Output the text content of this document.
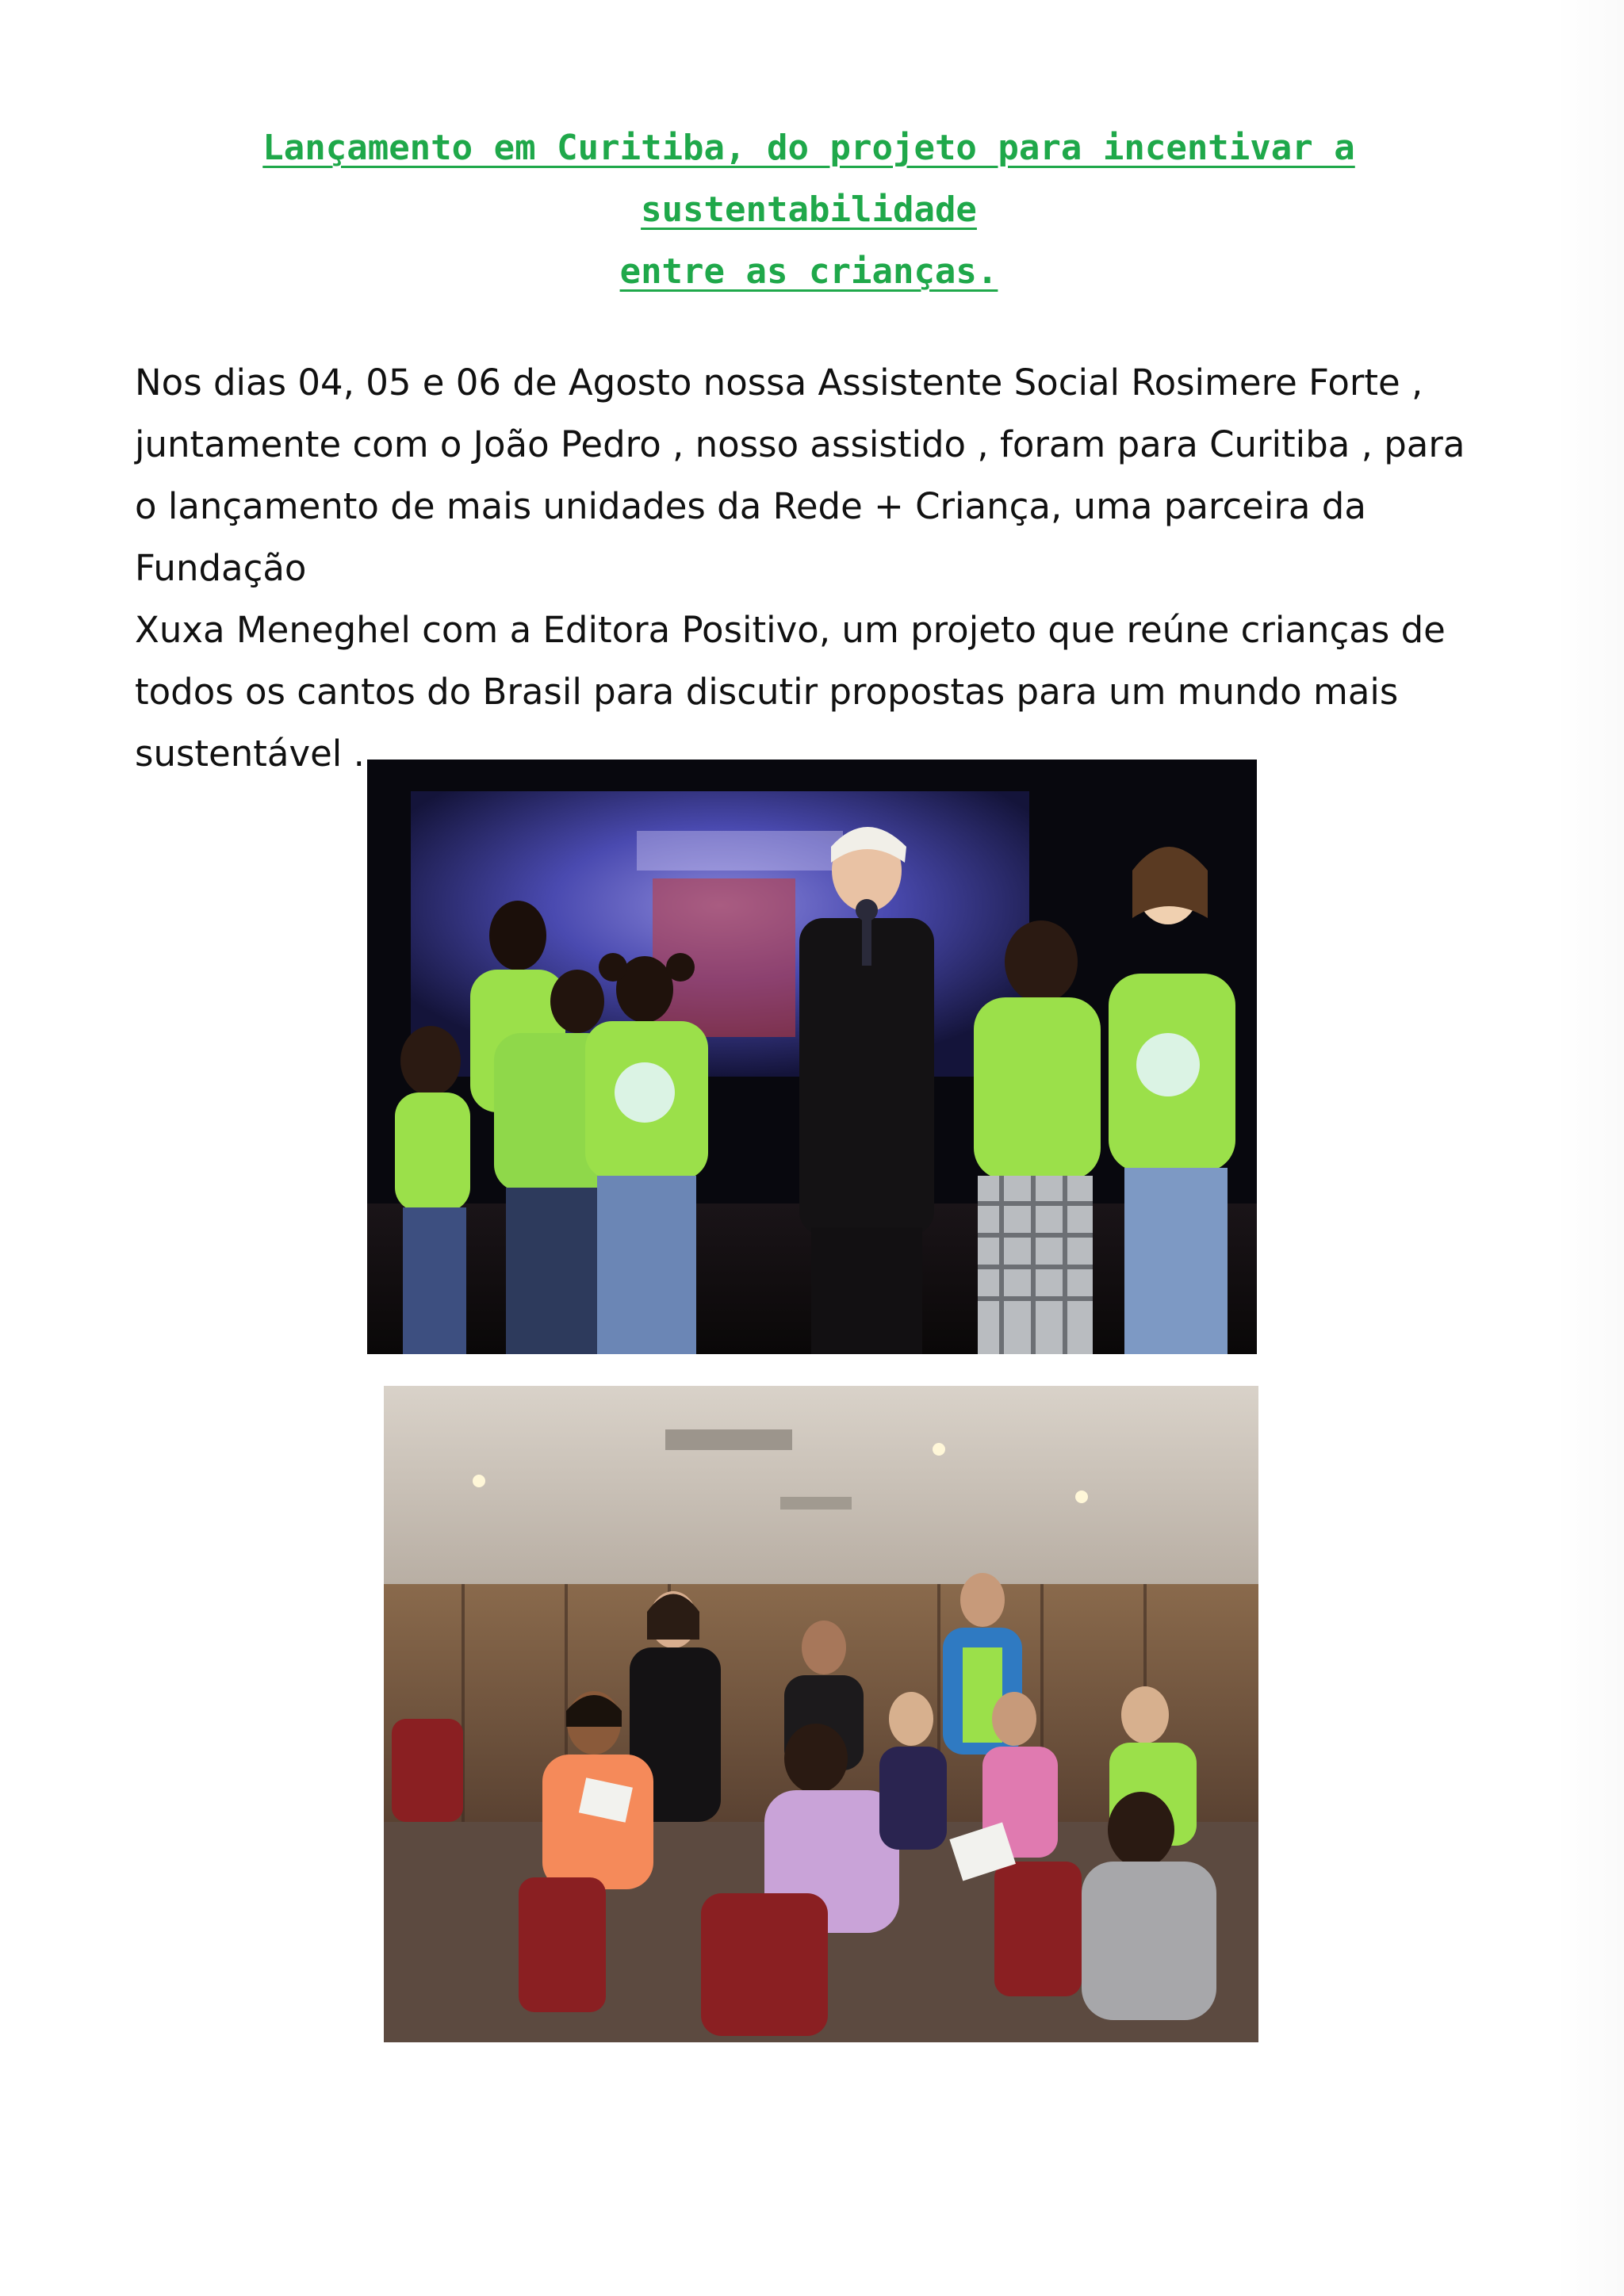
Lançamento em Curitiba, do projeto para incentivar a sustentabilidade
entre as crianças.

Nos dias 04, 05 e 06 de Agosto nossa Assistente Social Rosimere Forte ,
juntamente com o João Pedro , nosso assistido , foram para Curitiba , para
o lançamento de mais unidades da Rede + Criança, uma parceira da Fundação
Xuxa Meneghel com a Editora Positivo, um projeto que reúne crianças de
todos os cantos do Brasil para discutir propostas para um mundo mais
sustentável .
